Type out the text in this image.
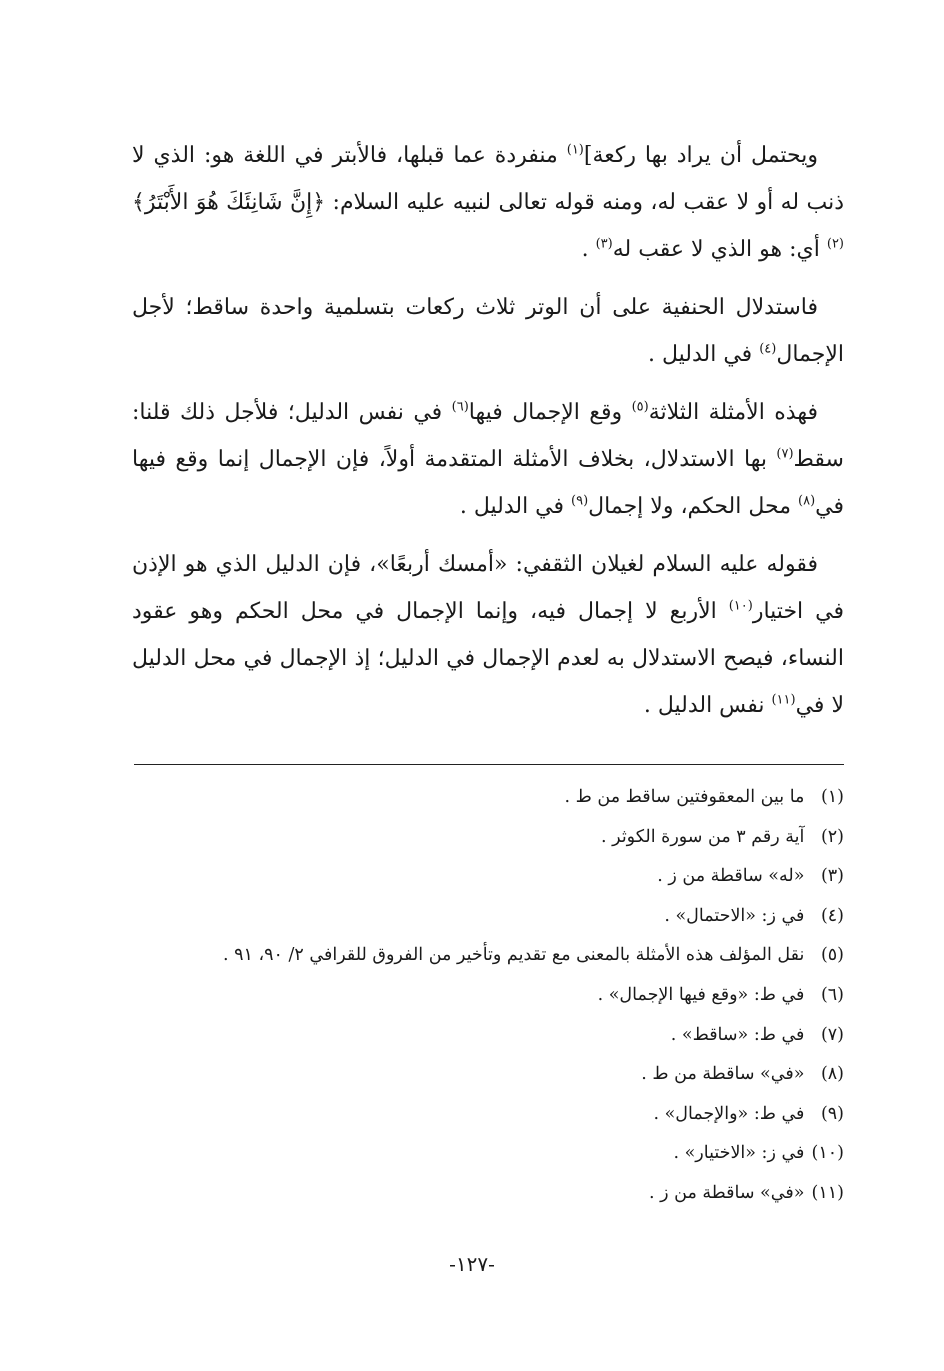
ويحتمل أن يراد بها ركعة]$^{(١)}$ منفردة عما قبلها، فالأبتر في اللغة هو: الذي لا ذنب له أو لا عقب له، ومنه قوله تعالى لنبيه عليه السلام: ﴿إِنَّ شَانِئَكَ هُوَ الأَبْتَرُ﴾$^{(٢)}$ أي: هو الذي لا عقب له$^{(٣)}$ .

فاستدلال الحنفية على أن الوتر ثلاث ركعات بتسلمية واحدة ساقط؛ لأجل الإجمال$^{(٤)}$ في الدليل .

فهذه الأمثلة الثلاثة$^{(٥)}$ وقع الإجمال فيها$^{(٦)}$ في نفس الدليل؛ فلأجل ذلك قلنا: سقط$^{(٧)}$ بها الاستدلال، بخلاف الأمثلة المتقدمة أولاً، فإن الإجمال إنما وقع فيها في$^{(٨)}$ محل الحكم، ولا إجمال$^{(٩)}$ في الدليل .

فقوله عليه السلام لغيلان الثقفي: «أمسك أربعًا»، فإن الدليل الذي هو الإذن في اختيار$^{(١٠)}$ الأربع لا إجمال فيه، وإنما الإجمال في محل الحكم وهو عقود النساء، فيصح الاستدلال به لعدم الإجمال في الدليل؛ إذ الإجمال في محل الدليل لا في$^{(١١)}$ نفس الدليل .

(١) ما بين المعقوفتين ساقط من ط .
(٢) آية رقم ٣ من سورة الكوثر .
(٣) «له» ساقطة من ز .
(٤) في ز: «الاحتمال» .
(٥) نقل المؤلف هذه الأمثلة بالمعنى مع تقديم وتأخير من الفروق للقرافي ٢/ ٩٠، ٩١ .
(٦) في ط: «وقع فيها الإجمال» .
(٧) في ط: «ساقط» .
(٨) «في» ساقطة من ط .
(٩) في ط: «والإجمال» .
(١٠) في ز: «الاختيار» .
(١١) «في» ساقطة من ز .
-١٢٧-
